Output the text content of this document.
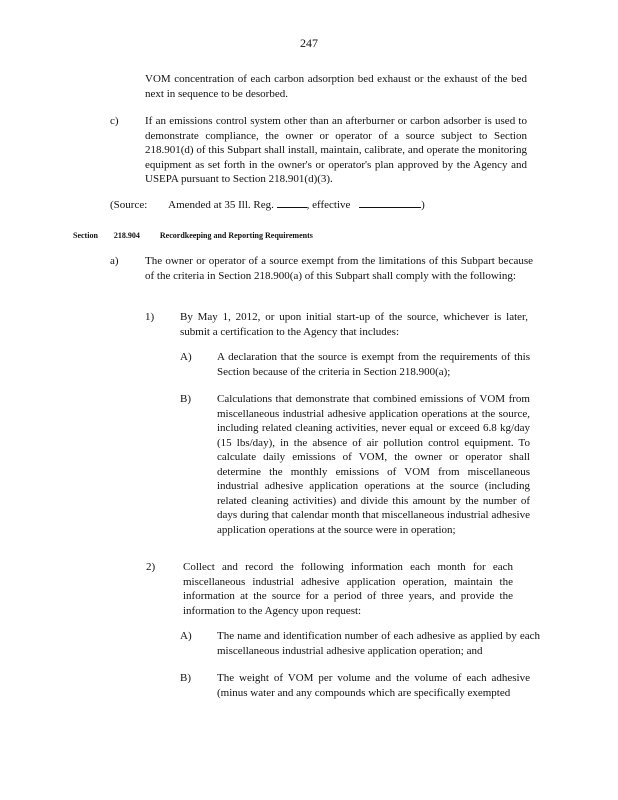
247

VOM concentration of each carbon adsorption bed exhaust or the exhaust of the bed next in sequence to be desorbed.

c) If an emissions control system other than an afterburner or carbon adsorber is used to demonstrate compliance, the owner or operator of a source subject to Section 218.901(d) of this Subpart shall install, maintain, calibrate, and operate the monitoring equipment as set forth in the owner's or operator's plan approved by the Agency and USEPA pursuant to Section 218.901(d)(3).

(Source: Amended at 35 Ill. Reg.	, effective	)
Section 218.904	Recordkeeping and Reporting Requirements
a) The owner or operator of a source exempt from the limitations of this Subpart because of the criteria in Section 218.900(a) of this Subpart shall comply with the following:

1) By May 1, 2012, or upon initial start-up of the source, whichever is later, submit a certification to the Agency that includes:

A) A declaration that the source is exempt from the requirements of this Section because of the criteria in Section 218.900(a);

B) Calculations that demonstrate that combined emissions of VOM from miscellaneous industrial adhesive application operations at the source, including related cleaning activities, never equal or exceed 6.8 kg/day (15 lbs/day), in the absence of air pollution control equipment. To calculate daily emissions of VOM, the owner or operator shall determine the monthly emissions of VOM from miscellaneous industrial adhesive application operations at the source (including related cleaning activities) and divide this amount by the number of days during that calendar month that miscellaneous industrial adhesive application operations at the source were in operation;

2)	Collect and record the following information each month for each miscellaneous industrial adhesive application operation, maintain the information at the source for a period of three years, and provide the information to the Agency upon request:

A) The name and identification number of each adhesive as applied by each miscellaneous industrial adhesive application operation; and

B) The weight of VOM per volume and the volume of each adhesive (minus water and any compounds which are specifically exempted
